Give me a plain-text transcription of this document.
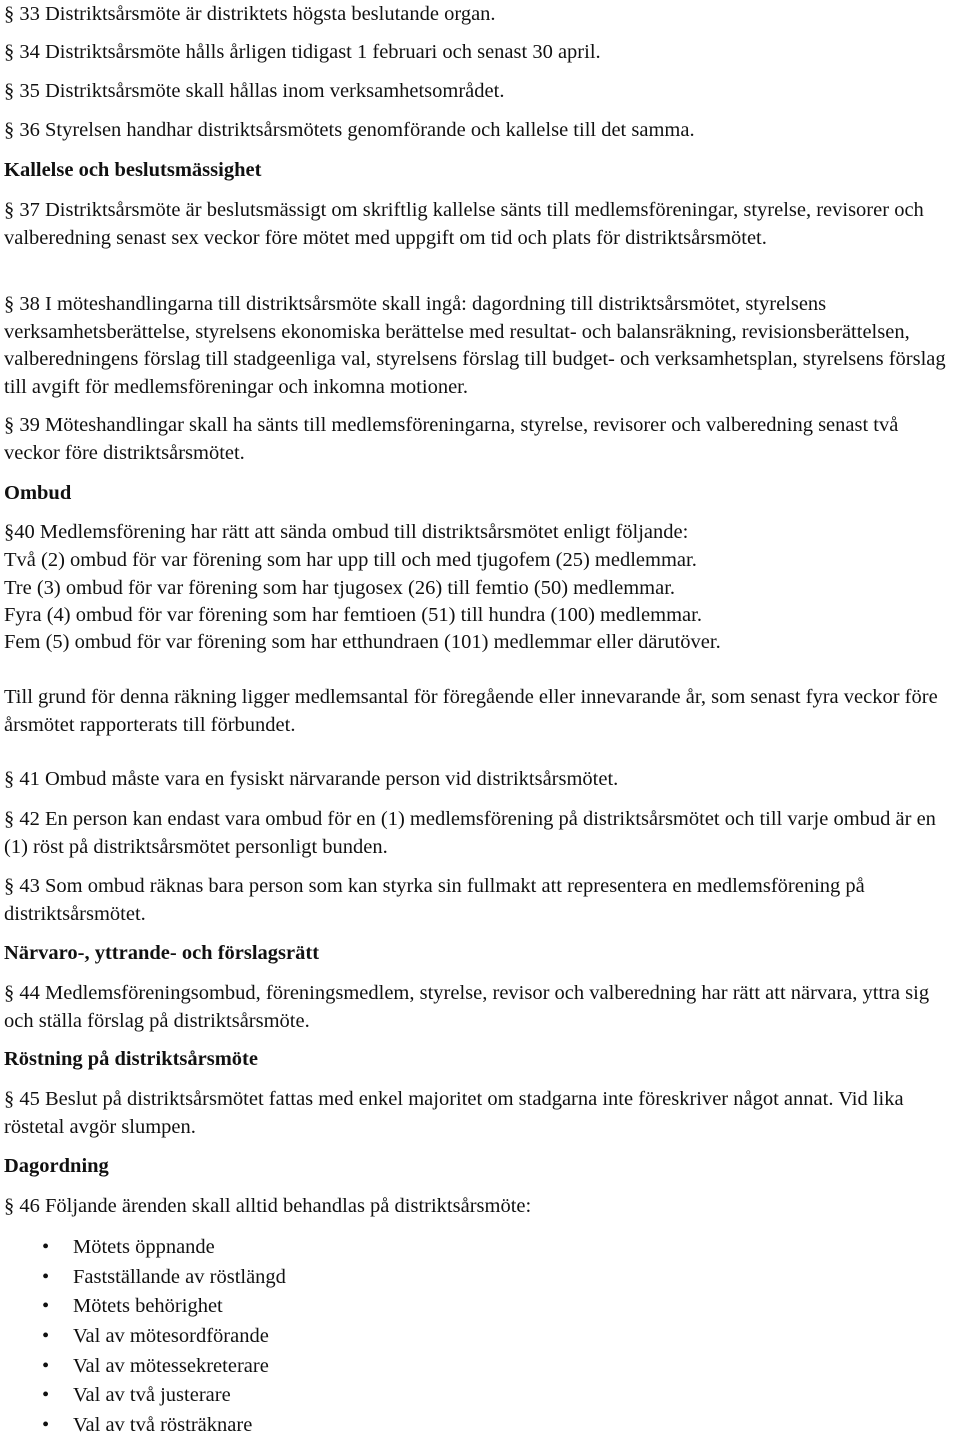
§ 33 Distriktsårsmöte är distriktets högsta beslutande organ.

§ 34 Distriktsårsmöte hålls årligen tidigast 1 februari och senast 30 april.

§ 35 Distriktsårsmöte skall hållas inom verksamhetsområdet.

§ 36 Styrelsen handhar distriktsårsmötets genomförande och kallelse till det samma.

Kallelse och beslutsmässighet

§ 37 Distriktsårsmöte är beslutsmässigt om skriftlig kallelse sänts till medlemsföreningar, styrelse, revisorer och valberedning senast sex veckor före mötet med uppgift om tid och plats för distriktsårsmötet.

§ 38 I möteshandlingarna till distriktsårsmöte skall ingå: dagordning till distriktsårsmötet, styrelsens verksamhetsberättelse, styrelsens ekonomiska berättelse med resultat- och balansräkning, revisionsberättelsen, valberedningens förslag till stadgeenliga val, styrelsens förslag till budget- och verksamhetsplan, styrelsens förslag till avgift för medlemsföreningar och inkomna motioner.

§ 39 Möteshandlingar skall ha sänts till medlemsföreningarna, styrelse, revisorer och valberedning senast två veckor före distriktsårsmötet.

Ombud

§40 Medlemsförening har rätt att sända ombud till distriktsårsmötet enligt följande:

Två (2) ombud för var förening som har upp till och med tjugofem (25) medlemmar.

Tre (3) ombud för var förening som har tjugosex (26) till femtio (50) medlemmar.

Fyra (4) ombud för var förening som har femtioen (51) till hundra (100) medlemmar.

Fem (5) ombud för var förening som har etthundraen (101) medlemmar eller därutöver.

Till grund för denna räkning ligger medlemsantal för föregående eller innevarande år, som senast fyra veckor före årsmötet rapporterats till förbundet.

§ 41 Ombud måste vara en fysiskt närvarande person vid distriktsårsmötet.

§ 42 En person kan endast vara ombud för en (1) medlemsförening på distriktsårsmötet och till varje ombud är en (1) röst på distriktsårsmötet personligt bunden.

§ 43 Som ombud räknas bara person som kan styrka sin fullmakt att representera en medlemsförening på distriktsårsmötet.

Närvaro-, yttrande- och förslagsrätt

§ 44 Medlemsföreningsombud, föreningsmedlem, styrelse, revisor och valberedning har rätt att närvara, yttra sig och ställa förslag på distriktsårsmöte.

Röstning på distriktsårsmöte

§ 45 Beslut på distriktsårsmötet fattas med enkel majoritet om stadgarna inte föreskriver något annat. Vid lika röstetal avgör slumpen.

Dagordning

§ 46 Följande ärenden skall alltid behandlas på distriktsårsmöte:

• Mötets öppnande
• Fastställande av röstlängd
• Mötets behörighet
• Val av mötesordförande
• Val av mötessekreterare
• Val av två justerare
• Val av två rösträknare
